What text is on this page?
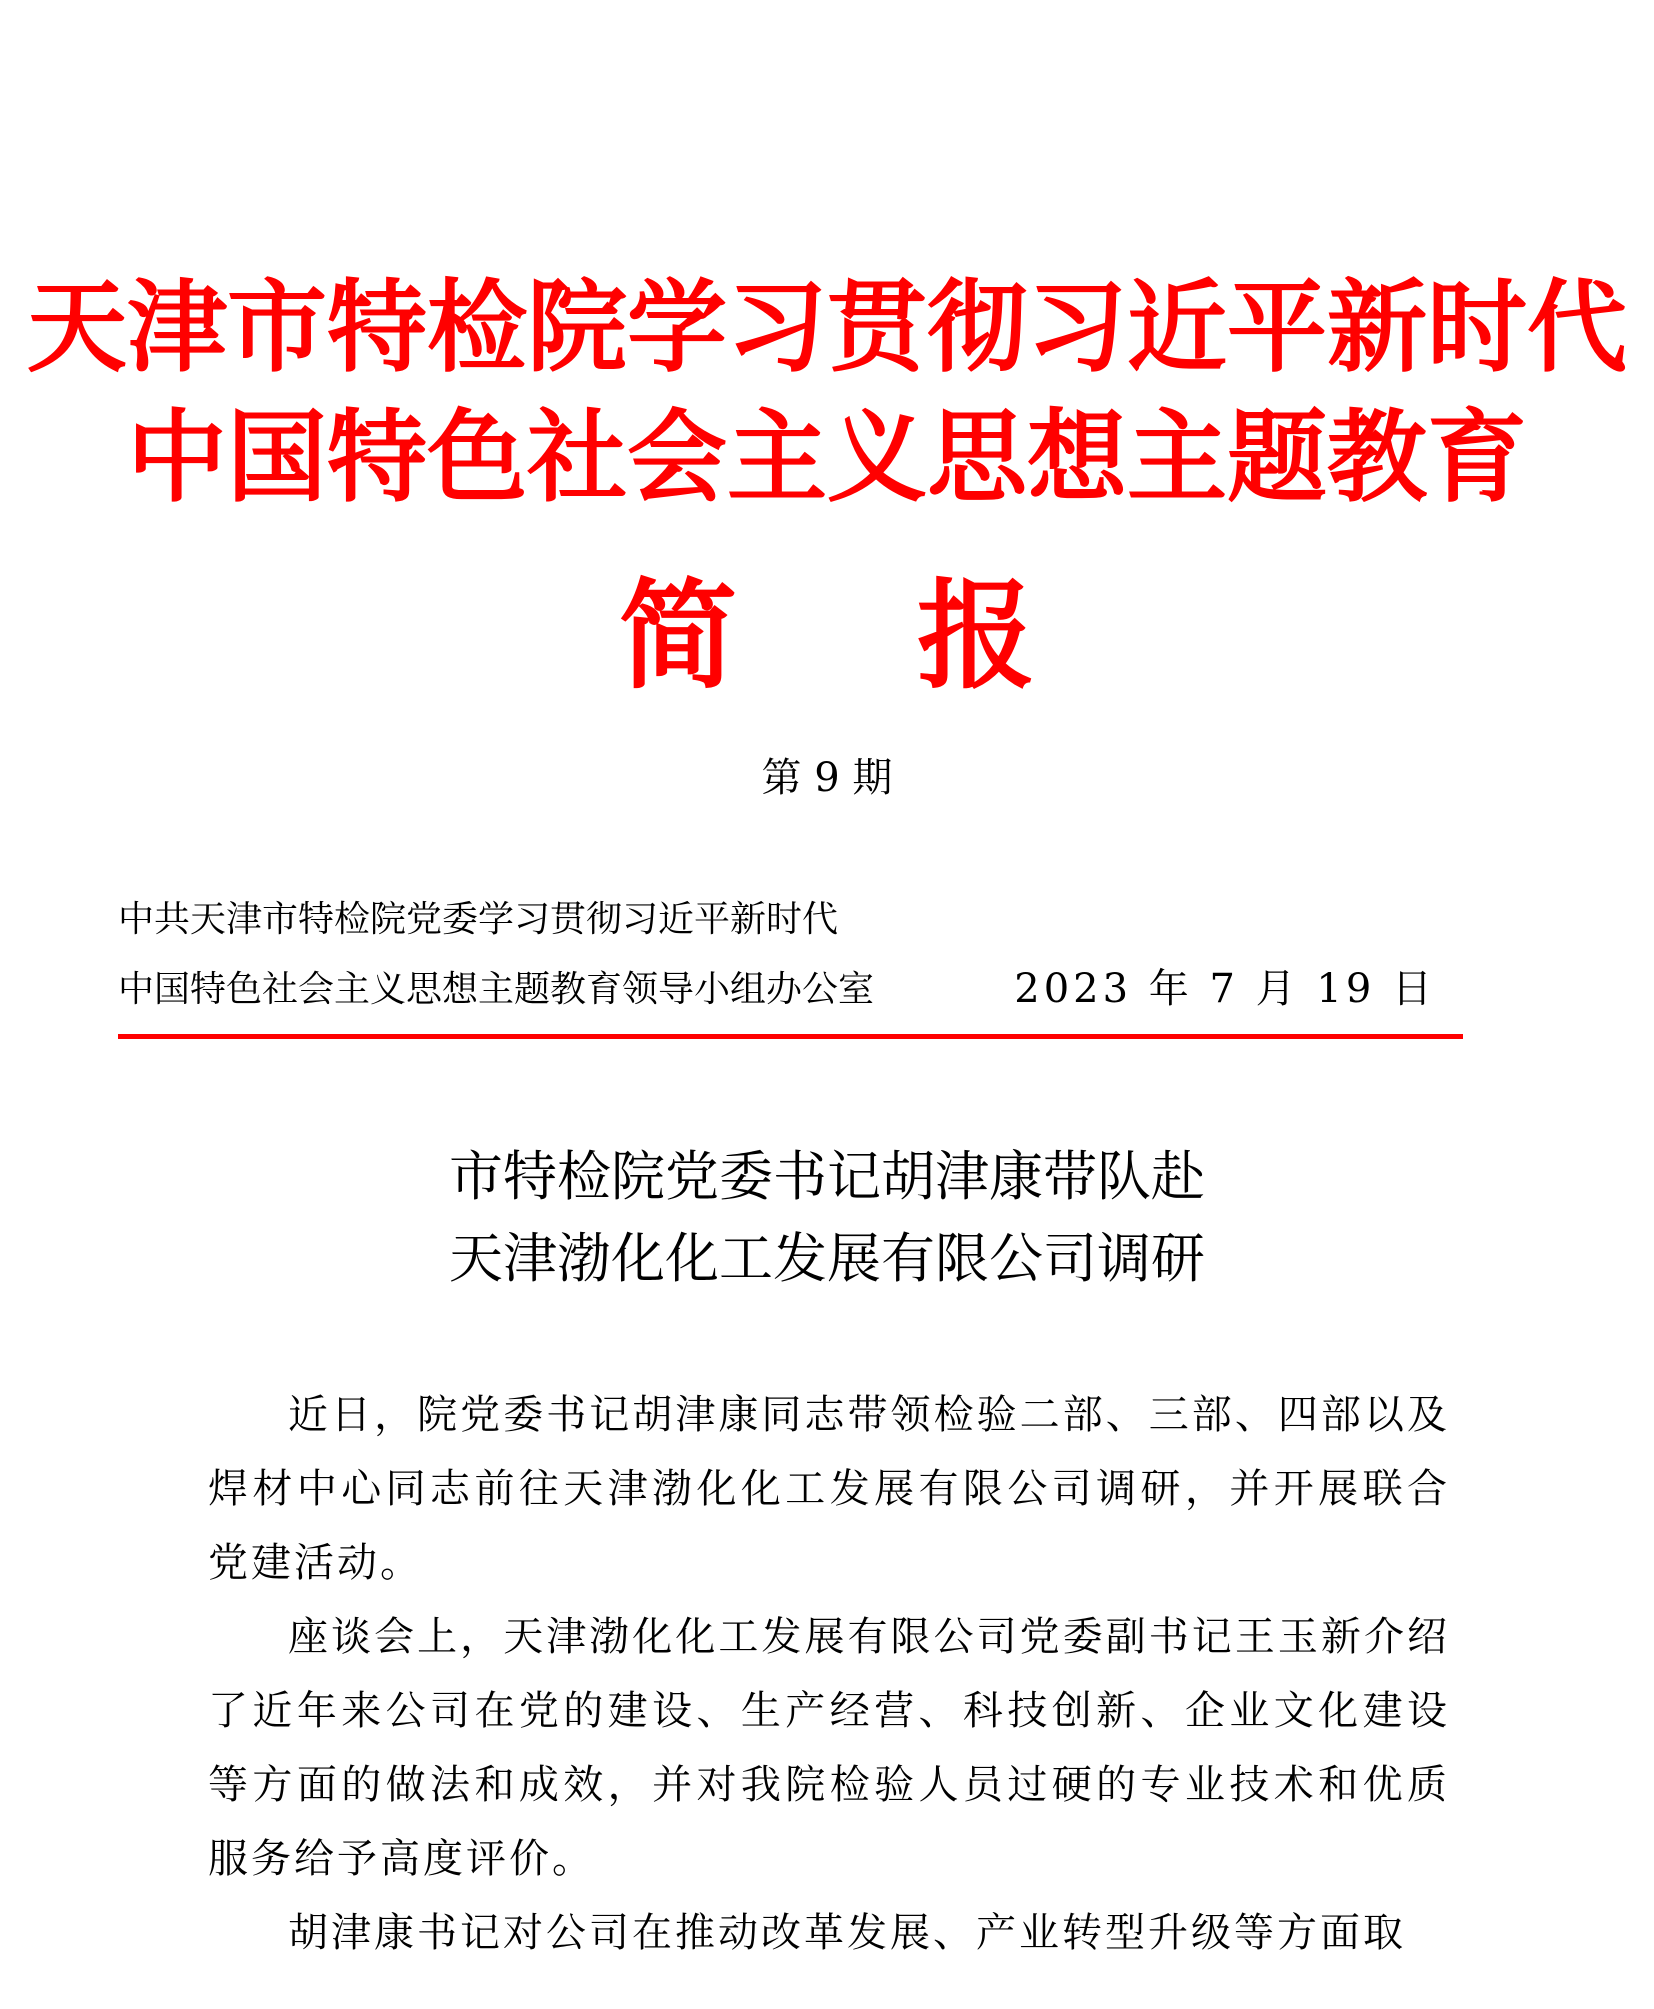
天津市特检院学习贯彻习近平新时代
中国特色社会主义思想主题教育
简 报
第 9 期
中共天津市特检院党委学习贯彻习近平新时代
中国特色社会主义思想主题教育领导小组办公室	2023 年 7 月 19 日
市特检院党委书记胡津康带队赴
天津渤化化工发展有限公司调研

近日，院党委书记胡津康同志带领检验二部、三部、四部以及焊材中心同志前往天津渤化化工发展有限公司调研，并开展联合党建活动。

座谈会上，天津渤化化工发展有限公司党委副书记王玉新介绍了近年来公司在党的建设、生产经营、科技创新、企业文化建设等方面的做法和成效，并对我院检验人员过硬的专业技术和优质服务给予高度评价。

胡津康书记对公司在推动改革发展、产业转型升级等方面取
